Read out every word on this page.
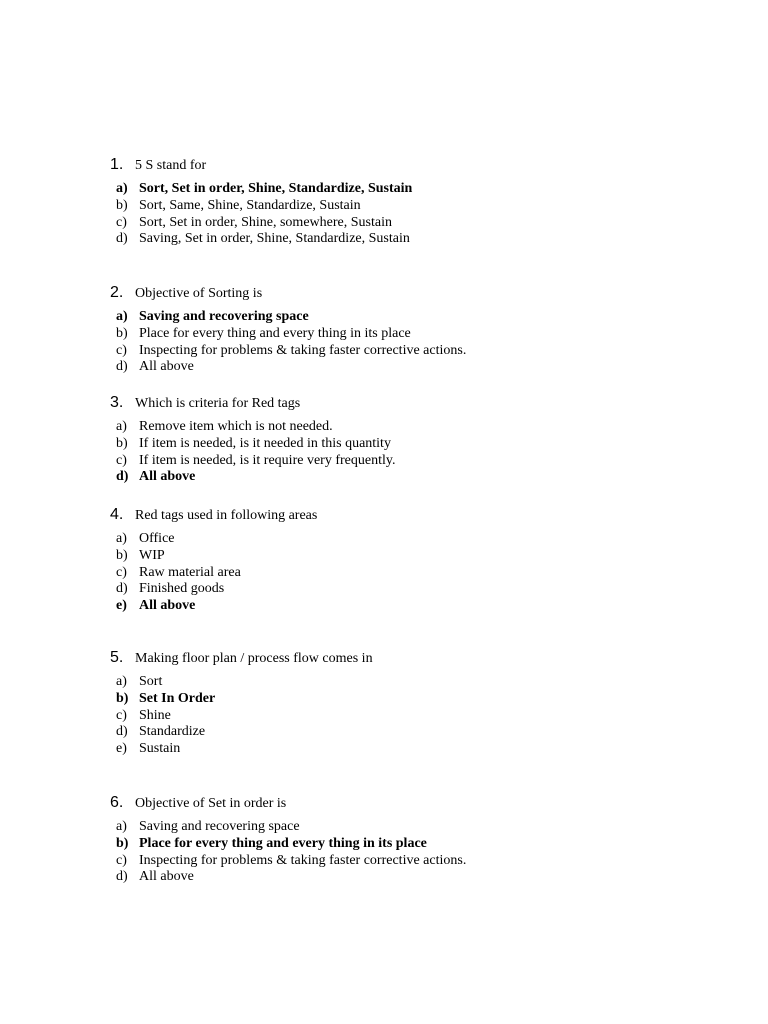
1. 5 S stand for
a) Sort, Set in order, Shine, Standardize, Sustain
b) Sort, Same, Shine, Standardize, Sustain
c) Sort, Set in order, Shine, somewhere, Sustain
d) Saving, Set in order, Shine, Standardize, Sustain
2. Objective of Sorting is
a) Saving and recovering space
b) Place for every thing and every thing in its place
c) Inspecting for problems & taking faster corrective actions.
d) All above
3. Which is criteria for Red tags
a) Remove item which is not needed.
b) If item is needed, is it needed in this quantity
c) If item is needed, is it require very frequently.
d) All above
4. Red tags used in following areas
a) Office
b) WIP
c) Raw material area
d) Finished goods
e) All above
5. Making floor plan / process flow comes in
a) Sort
b) Set In Order
c) Shine
d) Standardize
e) Sustain
6. Objective of Set in order is
a) Saving and recovering space
b) Place for every thing and every thing in its place
c) Inspecting for problems & taking faster corrective actions.
d) All above
